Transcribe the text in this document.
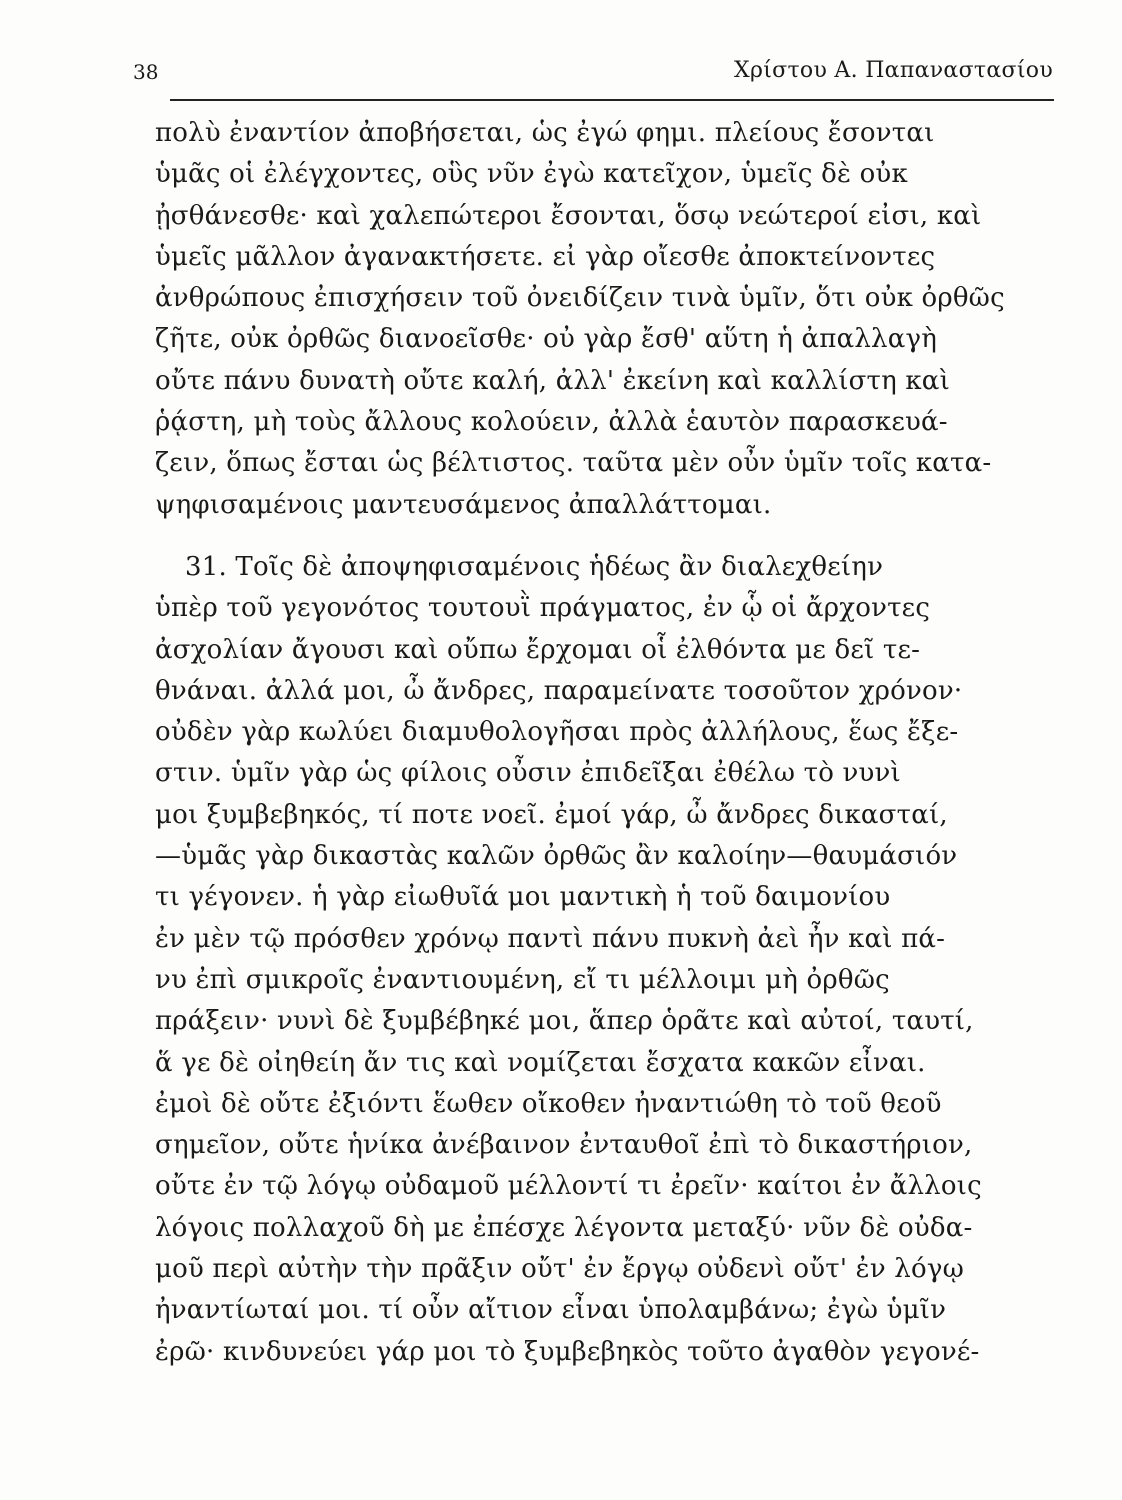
38	Χρίστου Α. Παπαναστασίου
πολὺ ἐναντίον ἀποβήσεται, ὡς ἐγώ φημι. πλείους ἔσονται
ὑμᾶς οἱ ἐλέγχοντες, οὓς νῦν ἐγὼ κατεῖχον, ὑμεῖς δὲ οὐκ
ᾐσθάνεσθε· καὶ χαλεπώτεροι ἔσονται, ὅσῳ νεώτεροί εἰσι, καὶ
ὑμεῖς μᾶλλον ἀγανακτήσετε. εἰ γὰρ οἴεσθε ἀποκτείνοντες
ἀνθρώπους ἐπισχήσειν τοῦ ὀνειδίζειν τινὰ ὑμῖν, ὅτι οὐκ ὀρθῶς
ζῆτε, οὐκ ὀρθῶς διανοεῖσθε· οὐ γὰρ ἔσθ' αὕτη ἡ ἀπαλλαγὴ
οὔτε πάνυ δυνατὴ οὔτε καλή, ἀλλ' ἐκείνη καὶ καλλίστη καὶ
ῥᾴστη, μὴ τοὺς ἄλλους κολούειν, ἀλλὰ ἑαυτὸν παρασκευά-
ζειν, ὅπως ἔσται ὡς βέλτιστος. ταῦτα μὲν οὖν ὑμῖν τοῖς κατα-
ψηφισαμένοις μαντευσάμενος ἀπαλλάττομαι.
31. Τοῖς δὲ ἀποψηφισαμένοις ἡδέως ἂν διαλεχθείην
ὑπὲρ τοῦ γεγονότος τουτουῒ πράγματος, ἐν ᾧ οἱ ἄρχοντες
ἀσχολίαν ἄγουσι καὶ οὔπω ἔρχομαι οἷ ἐλθόντα με δεῖ τε-
θνάναι. ἀλλά μοι, ὦ ἄνδρες, παραμείνατε τοσοῦτον χρόνον·
οὐδὲν γὰρ κωλύει διαμυθολογῆσαι πρὸς ἀλλήλους, ἕως ἔξε-
στιν. ὑμῖν γὰρ ὡς φίλοις οὖσιν ἐπιδεῖξαι ἐθέλω τὸ νυνὶ
μοι ξυμβεβηκός, τί ποτε νοεῖ. ἐμοί γάρ, ὦ ἄνδρες δικασταί,
—ὑμᾶς γὰρ δικαστὰς καλῶν ὀρθῶς ἂν καλοίην—θαυμάσιόν
τι γέγονεν. ἡ γὰρ εἰωθυῖά μοι μαντικὴ ἡ τοῦ δαιμονίου
ἐν μὲν τῷ πρόσθεν χρόνῳ παντὶ πάνυ πυκνὴ ἀεὶ ἦν καὶ πά-
νυ ἐπὶ σμικροῖς ἐναντιουμένη, εἴ τι μέλλοιμι μὴ ὀρθῶς
πράξειν· νυνὶ δὲ ξυμβέβηκέ μοι, ἅπερ ὁρᾶτε καὶ αὐτοί, ταυτί,
ἅ γε δὲ οἰηθείη ἄν τις καὶ νομίζεται ἔσχατα κακῶν εἶναι.
ἐμοὶ δὲ οὔτε ἐξιόντι ἕωθεν οἴκοθεν ἠναντιώθη τὸ τοῦ θεοῦ
σημεῖον, οὔτε ἡνίκα ἀνέβαινον ἐνταυθοῖ ἐπὶ τὸ δικαστήριον,
οὔτε ἐν τῷ λόγῳ οὐδαμοῦ μέλλοντί τι ἐρεῖν· καίτοι ἐν ἄλλοις
λόγοις πολλαχοῦ δὴ με ἐπέσχε λέγοντα μεταξύ· νῦν δὲ οὐδα-
μοῦ περὶ αὐτὴν τὴν πρᾶξιν οὔτ' ἐν ἔργῳ οὐδενὶ οὔτ' ἐν λόγῳ
ἠναντίωταί μοι. τί οὖν αἴτιον εἶναι ὑπολαμβάνω; ἐγὼ ὑμῖν
ἐρῶ· κινδυνεύει γάρ μοι τὸ ξυμβεβηκὸς τοῦτο ἀγαθὸν γεγονέ-
